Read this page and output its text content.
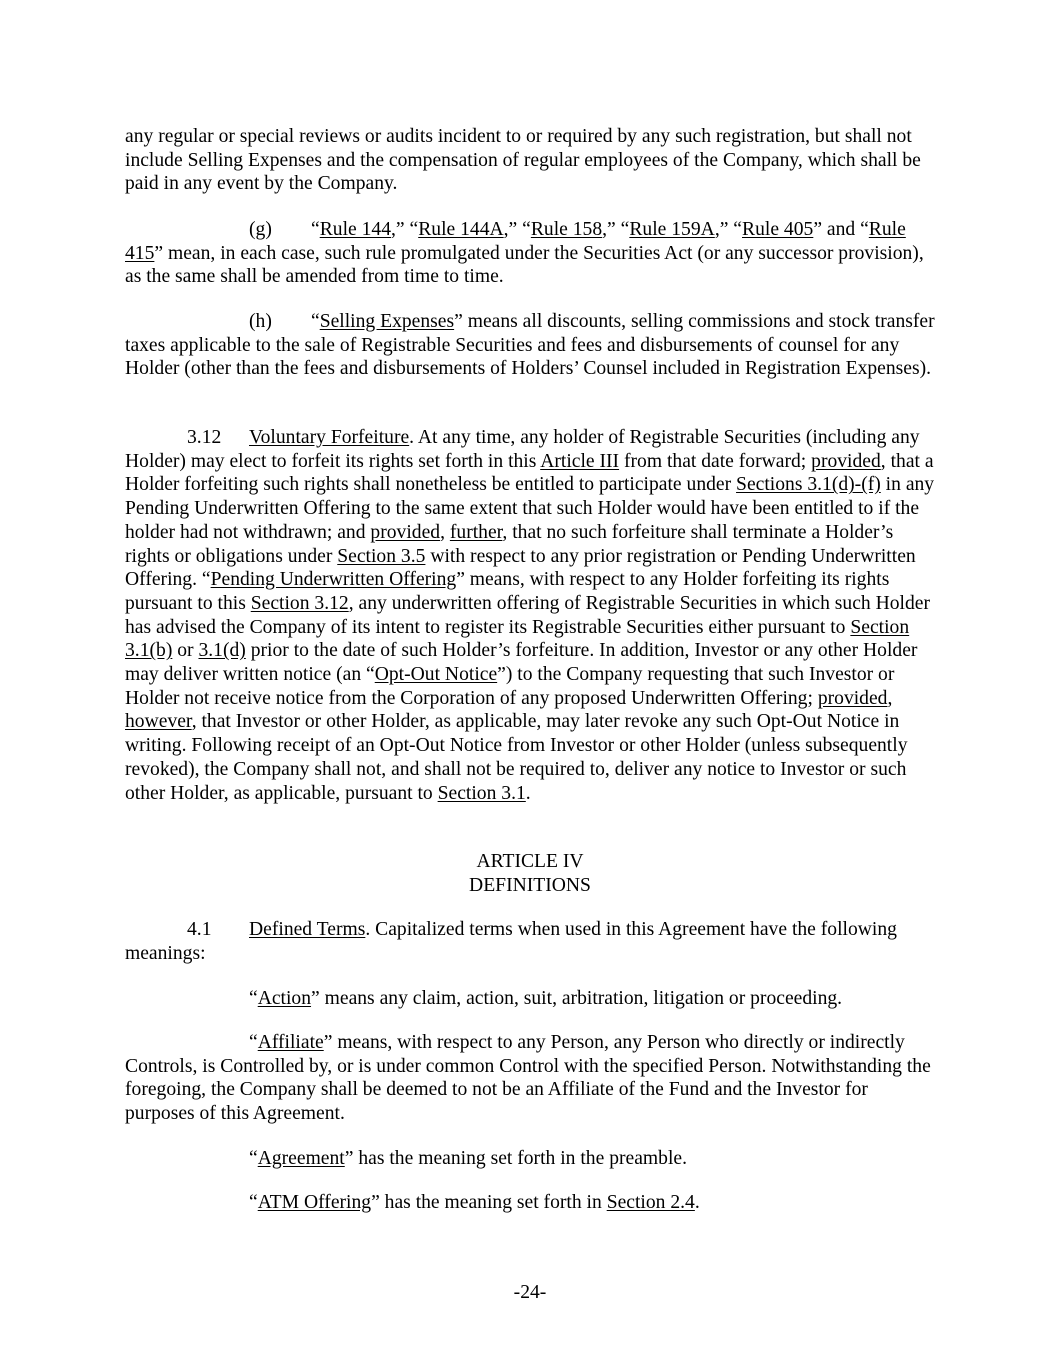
any regular or special reviews or audits incident to or required by any such registration, but shall not include Selling Expenses and the compensation of regular employees of the Company, which shall be paid in any event by the Company.

(g) “Rule 144,” “Rule 144A,” “Rule 158,” “Rule 159A,” “Rule 405” and “Rule 415” mean, in each case, such rule promulgated under the Securities Act (or any successor provision), as the same shall be amended from time to time.

(h) “Selling Expenses” means all discounts, selling commissions and stock transfer taxes applicable to the sale of Registrable Securities and fees and disbursements of counsel for any Holder (other than the fees and disbursements of Holders’ Counsel included in Registration Expenses).

3.12 Voluntary Forfeiture. At any time, any holder of Registrable Securities (including any Holder) may elect to forfeit its rights set forth in this Article III from that date forward; provided, that a Holder forfeiting such rights shall nonetheless be entitled to participate under Sections 3.1(d)-(f) in any Pending Underwritten Offering to the same extent that such Holder would have been entitled to if the holder had not withdrawn; and provided, further, that no such forfeiture shall terminate a Holder’s rights or obligations under Section 3.5 with respect to any prior registration or Pending Underwritten Offering. “Pending Underwritten Offering” means, with respect to any Holder forfeiting its rights pursuant to this Section 3.12, any underwritten offering of Registrable Securities in which such Holder has advised the Company of its intent to register its Registrable Securities either pursuant to Section 3.1(b) or 3.1(d) prior to the date of such Holder’s forfeiture. In addition, Investor or any other Holder may deliver written notice (an “Opt-Out Notice”) to the Company requesting that such Investor or Holder not receive notice from the Corporation of any proposed Underwritten Offering; provided, however, that Investor or other Holder, as applicable, may later revoke any such Opt-Out Notice in writing. Following receipt of an Opt-Out Notice from Investor or other Holder (unless subsequently revoked), the Company shall not, and shall not be required to, deliver any notice to Investor or such other Holder, as applicable, pursuant to Section 3.1.

ARTICLE IV

DEFINITIONS

4.1 Defined Terms. Capitalized terms when used in this Agreement have the following meanings:

“Action” means any claim, action, suit, arbitration, litigation or proceeding.

“Affiliate” means, with respect to any Person, any Person who directly or indirectly Controls, is Controlled by, or is under common Control with the specified Person. Notwithstanding the foregoing, the Company shall be deemed to not be an Affiliate of the Fund and the Investor for purposes of this Agreement.

“Agreement” has the meaning set forth in the preamble.

“ATM Offering” has the meaning set forth in Section 2.4.

-24-
